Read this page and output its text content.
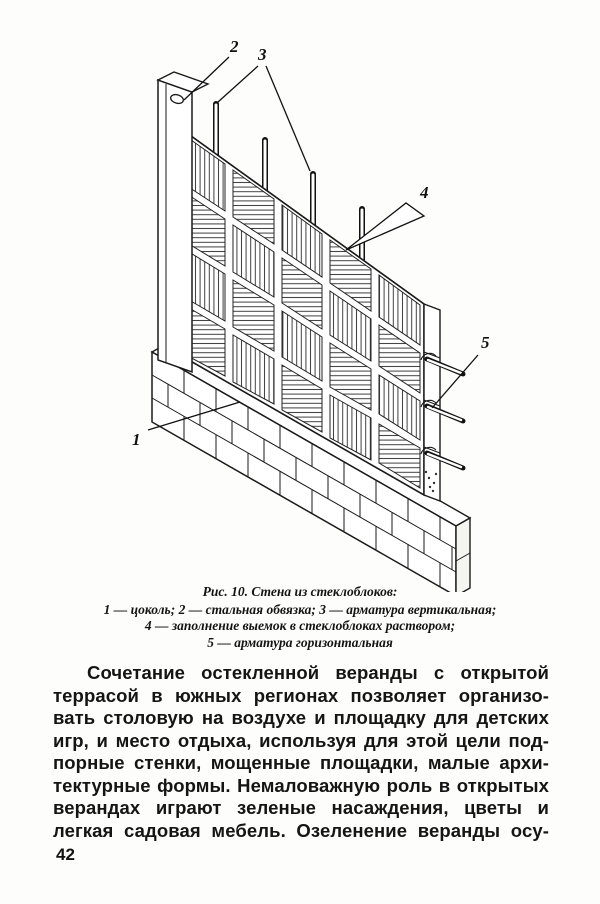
1
2 3
4
5
Рис. 10. Стена из стеклоблоков:
1 — цоколь; 2 — стальная обвязка; 3 — арматура вертикальная;
4 — заполнение выемок в стеклоблоках раствором;
5 — арматура горизонтальная
Сочетание остекленной веранды с открытой
террасой в южных регионах позволяет организо-
вать столовую на воздухе и площадку для детских
игр, и место отдыха, используя для этой цели под-
порные стенки, мощенные площадки, малые архи-
тектурные формы. Немаловажную роль в открытых
верандах играют зеленые насаждения, цветы и
легкая садовая мебель. Озеленение веранды осу-
42
